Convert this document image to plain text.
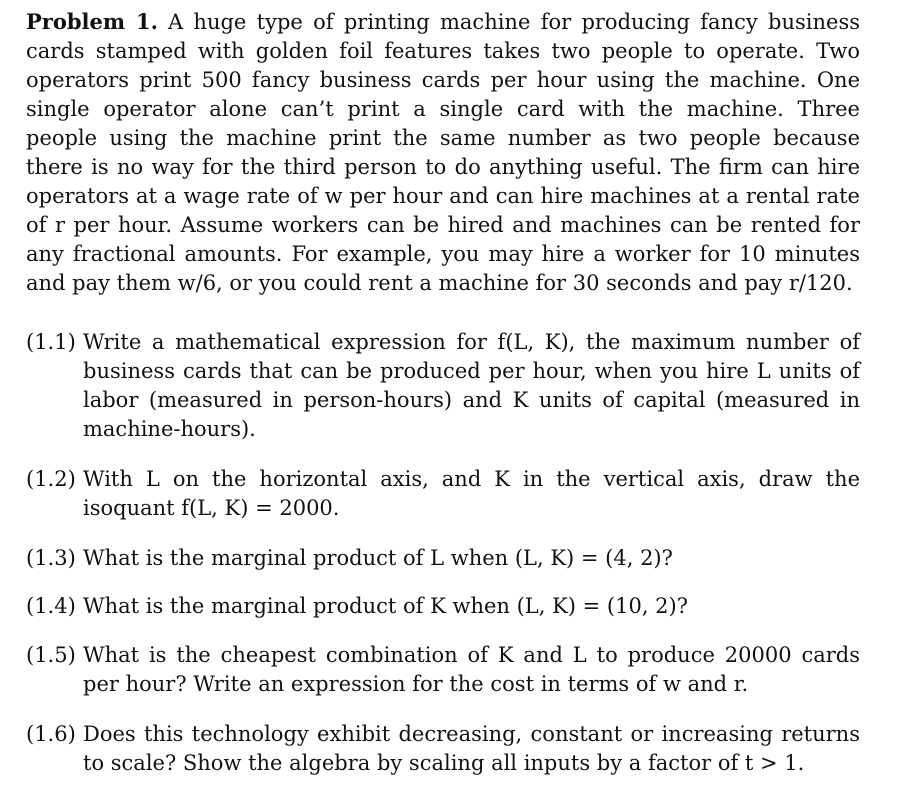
Problem 1. A huge type of printing machine for producing fancy business cards stamped with golden foil features takes two people to operate. Two operators print 500 fancy business cards per hour using the machine. One single operator alone can’t print a single card with the machine. Three people using the machine print the same number as two people because there is no way for the third person to do anything useful. The firm can hire operators at a wage rate of w per hour and can hire machines at a rental rate of r per hour. Assume workers can be hired and machines can be rented for any fractional amounts. For example, you may hire a worker for 10 minutes and pay them w/6, or you could rent a machine for 30 seconds and pay r/120.

(1.1) Write a mathematical expression for f(L, K), the maximum number of business cards that can be produced per hour, when you hire L units of labor (measured in person-hours) and K units of capital (measured in machine-hours).
(1.2) With L on the horizontal axis, and K in the vertical axis, draw the isoquant f(L, K) = 2000.
(1.3) What is the marginal product of L when (L, K) = (4, 2)?
(1.4) What is the marginal product of K when (L, K) = (10, 2)?
(1.5) What is the cheapest combination of K and L to produce 20000 cards per hour? Write an expression for the cost in terms of w and r.
(1.6) Does this technology exhibit decreasing, constant or increasing returns to scale? Show the algebra by scaling all inputs by a factor of t > 1.
